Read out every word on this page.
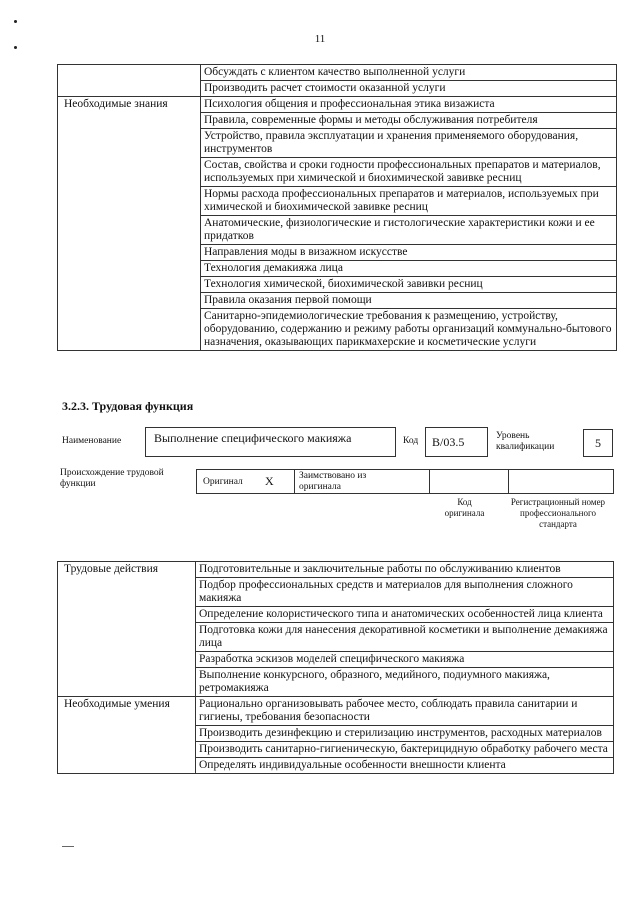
11
	Обсуждать с клиентом качество выполненной услуги
	Производить расчет стоимости оказанной услуги
Необходимые знания	Психология общения и профессиональная этика визажиста
	Правила, современные формы и методы обслуживания потребителя
	Устройство, правила эксплуатации и хранения применяемого оборудования, инструментов
	Состав, свойства и сроки годности профессиональных препаратов и материалов, используемых при химической и биохимической завивке ресниц
	Нормы расхода профессиональных препаратов и материалов, используемых при химической и биохимической завивке ресниц
	Анатомические, физиологические и гистологические характеристики кожи и ее придатков
	Направления моды в визажном искусстве
	Технология демакияжа лица
	Технология химической, биохимической завивки ресниц
	Правила оказания первой помощи
	Санитарно-эпидемиологические требования к размещению, устройству, оборудованию, содержанию и режиму работы организаций коммунально-бытового назначения, оказывающих парикмахерские и косметические услуги
3.2.3. Трудовая функция
Наименование	Выполнение специфического макияжа	Код	B/03.5	Уровень квалификации	5
Происхождение трудовой функции	Оригинал X	Заимствовано из оригинала
Код оригинала
Регистрационный номер профессионального стандарта
Трудовые действия	Подготовительные и заключительные работы по обслуживанию клиентов
	Подбор профессиональных средств и материалов для выполнения сложного макияжа
	Определение колористического типа и анатомических особенностей лица клиента
	Подготовка кожи для нанесения декоративной косметики и выполнение демакияжа лица
	Разработка эскизов моделей специфического макияжа
	Выполнение конкурсного, образного, медийного, подиумного макияжа, ретромакияжа
Необходимые умения	Рационально организовывать рабочее место, соблюдать правила санитарии и гигиены, требования безопасности
	Производить дезинфекцию и стерилизацию инструментов, расходных материалов
	Производить санитарно-гигиеническую, бактерицидную обработку рабочего места
	Определять индивидуальные особенности внешности клиента
